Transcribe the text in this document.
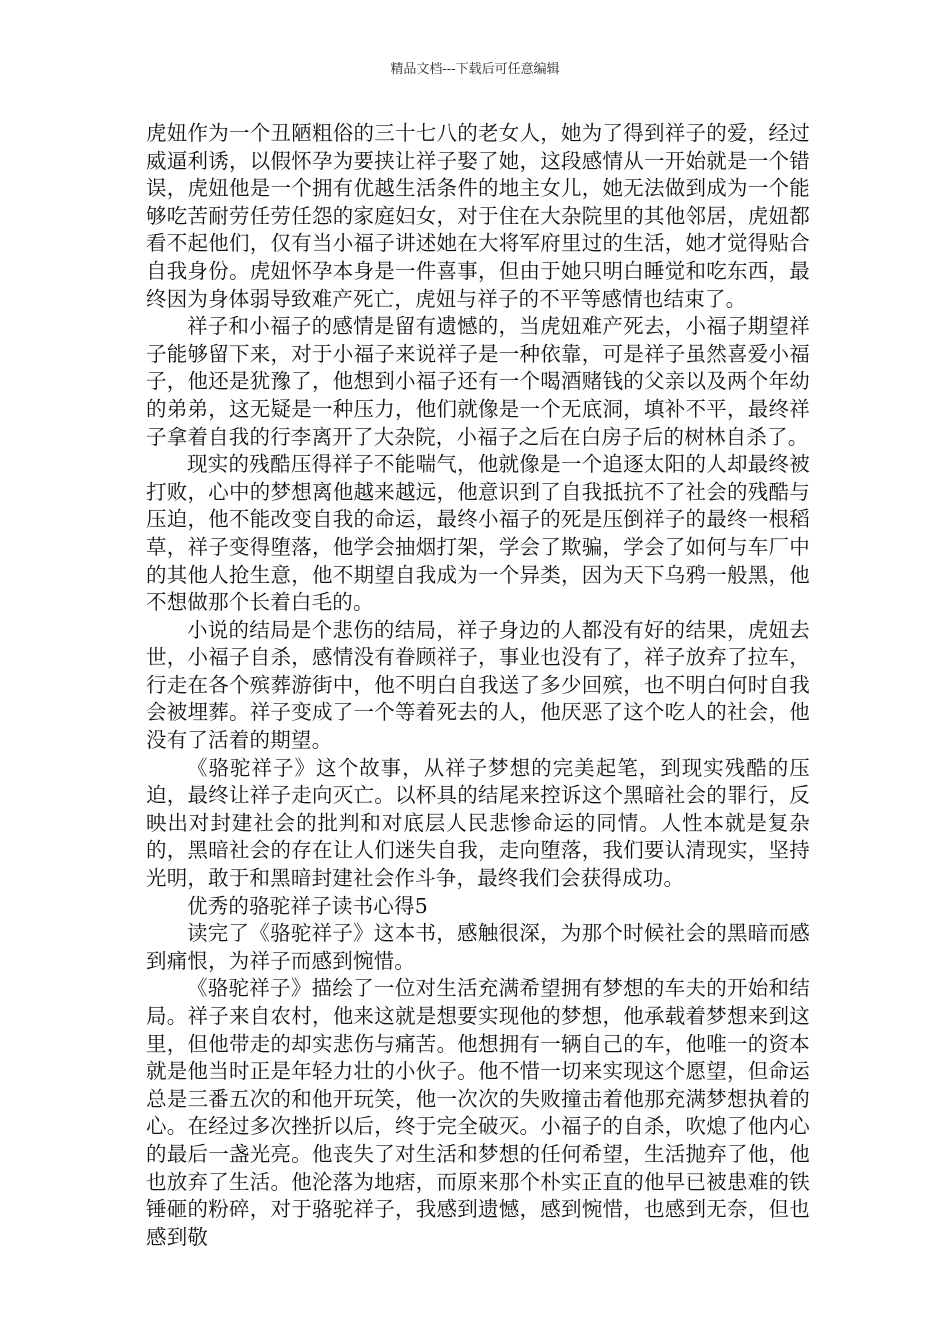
精品文档---下载后可任意编辑

虎妞作为一个丑陋粗俗的三十七八的老女人，她为了得到祥子的爱，经过威逼利诱，以假怀孕为要挟让祥子娶了她，这段感情从一开始就是一个错误，虎妞他是一个拥有优越生活条件的地主女儿，她无法做到成为一个能够吃苦耐劳任劳任怨的家庭妇女，对于住在大杂院里的其他邻居，虎妞都看不起他们，仅有当小福子讲述她在大将军府里过的生活，她才觉得贴合自我身份。虎妞怀孕本身是一件喜事，但由于她只明白睡觉和吃东西，最终因为身体弱导致难产死亡，虎妞与祥子的不平等感情也结束了。

祥子和小福子的感情是留有遗憾的，当虎妞难产死去，小福子期望祥子能够留下来，对于小福子来说祥子是一种依靠，可是祥子虽然喜爱小福子，他还是犹豫了，他想到小福子还有一个喝酒赌钱的父亲以及两个年幼的弟弟，这无疑是一种压力，他们就像是一个无底洞，填补不平，最终祥子拿着自我的行李离开了大杂院，小福子之后在白房子后的树林自杀了。

现实的残酷压得祥子不能喘气，他就像是一个追逐太阳的人却最终被打败，心中的梦想离他越来越远，他意识到了自我抵抗不了社会的残酷与压迫，他不能改变自我的命运，最终小福子的死是压倒祥子的最终一根稻草，祥子变得堕落，他学会抽烟打架，学会了欺骗，学会了如何与车厂中的其他人抢生意，他不期望自我成为一个异类，因为天下乌鸦一般黑，他不想做那个长着白毛的。

小说的结局是个悲伤的结局，祥子身边的人都没有好的结果，虎妞去世，小福子自杀，感情没有眷顾祥子，事业也没有了，祥子放弃了拉车，行走在各个殡葬游街中，他不明白自我送了多少回殡，也不明白何时自我会被埋葬。祥子变成了一个等着死去的人，他厌恶了这个吃人的社会，他没有了活着的期望。

《骆驼祥子》这个故事，从祥子梦想的完美起笔，到现实残酷的压迫，最终让祥子走向灭亡。以杯具的结尾来控诉这个黑暗社会的罪行，反映出对封建社会的批判和对底层人民悲惨命运的同情。人性本就是复杂的，黑暗社会的存在让人们迷失自我，走向堕落，我们要认清现实，坚持光明，敢于和黑暗封建社会作斗争，最终我们会获得成功。

优秀的骆驼祥子读书心得5

读完了《骆驼祥子》这本书，感触很深，为那个时候社会的黑暗而感到痛恨，为祥子而感到惋惜。

《骆驼祥子》描绘了一位对生活充满希望拥有梦想的车夫的开始和结局。祥子来自农村，他来这就是想要实现他的梦想，他承载着梦想来到这里，但他带走的却实悲伤与痛苦。他想拥有一辆自己的车，他唯一的资本就是他当时正是年轻力壮的小伙子。他不惜一切来实现这个愿望，但命运总是三番五次的和他开玩笑，他一次次的失败撞击着他那充满梦想执着的心。在经过多次挫折以后，终于完全破灭。小福子的自杀，吹熄了他内心的最后一盏光亮。他丧失了对生活和梦想的任何希望，生活抛弃了他，他也放弃了生活。他沦落为地痞，而原来那个朴实正直的他早已被患难的铁锤砸的粉碎，对于骆驼祥子，我感到遗憾，感到惋惜，也感到无奈，但也感到敬
